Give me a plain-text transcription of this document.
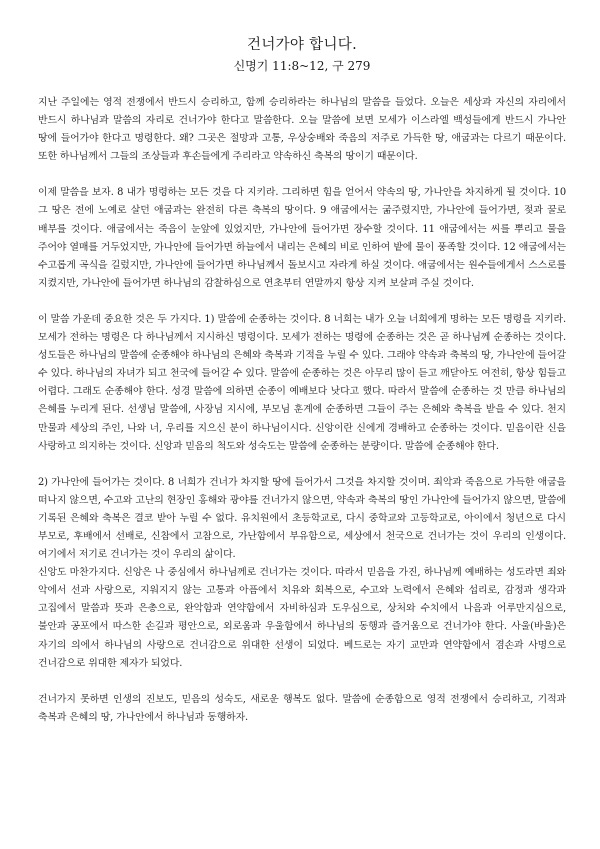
건너가야 합니다.
신명기 11:8~12, 구 279

지난 주일에는 영적 전쟁에서 반드시 승리하고, 함께 승리하라는 하나님의 말씀을 들었다. 오늘은 세상과 자신의 자리에서 반드시 하나님과 말씀의 자리로 건너가야 한다고 말씀한다. 오늘 말씀에 보면 모세가 이스라엘 백성들에게 반드시 가나안 땅에 들어가야 한다고 명령한다. 왜? 그곳은 절망과 고통, 우상숭배와 죽음의 저주로 가득한 땅, 애굽과는 다르기 때문이다. 또한 하나님께서 그들의 조상들과 후손들에게 주리라고 약속하신 축복의 땅이기 때문이다.

이제 말씀을 보자. 8 내가 명령하는 모든 것을 다 지키라. 그리하면 힘을 얻어서 약속의 땅, 가나안을 차지하게 될 것이다. 10 그 땅은 전에 노예로 살던 애굽과는 완전히 다른 축복의 땅이다. 9 애굽에서는 굶주렸지만, 가나안에 들어가면, 젖과 꿀로 배부를 것이다. 애굽에서는 죽음이 눈앞에 있었지만, 가나안에 들어가면 장수할 것이다. 11 애굽에서는 씨를 뿌리고 물을 주어야 열매를 거두었지만, 가나안에 들어가면 하늘에서 내리는 은혜의 비로 인하여 밭에 물이 풍족할 것이다. 12 애굽에서는 수고롭게 곡식을 길렀지만, 가나안에 들어가면 하나님께서 돌보시고 자라게 하실 것이다. 애굽에서는 원수들에게서 스스로를 지켰지만, 가나안에 들어가면 하나님의 감찰하심으로 연초부터 연말까지 항상 지켜 보살펴 주실 것이다.

이 말씀 가운데 중요한 것은 두 가지다. 1) 말씀에 순종하는 것이다. 8 너희는 내가 오늘 너희에게 명하는 모든 명령을 지키라. 모세가 전하는 명령은 다 하나님께서 지시하신 명령이다. 모세가 전하는 명령에 순종하는 것은 곧 하나님께 순종하는 것이다. 성도들은 하나님의 말씀에 순종해야 하나님의 은혜와 축복과 기적을 누릴 수 있다. 그래야 약속과 축복의 땅, 가나안에 들어갈 수 있다. 하나님의 자녀가 되고 천국에 들어갈 수 있다. 말씀에 순종하는 것은 아무리 많이 듣고 깨닫아도 여전히, 항상 힘들고 어렵다. 그래도 순종해야 한다. 성경 말씀에 의하면 순종이 예배보다 낫다고 했다. 따라서 말씀에 순종하는 것 만큼 하나님의 은혜를 누리게 된다. 선생님 말씀에, 사장님 지시에, 부모님 훈계에 순종하면 그들이 주는 은혜와 축복을 받을 수 있다. 천지 만물과 세상의 주인, 나와 너, 우리를 지으신 분이 하나님이시다. 신앙이란 신에게 경배하고 순종하는 것이다. 믿음이란 신을 사랑하고 의지하는 것이다. 신앙과 믿음의 척도와 성숙도는 말씀에 순종하는 분량이다. 말씀에 순종해야 한다.

2) 가나안에 들어가는 것이다. 8 너희가 건너가 차지할 땅에 들어가서 그것을 차지할 것이며. 죄악과 죽음으로 가득한 애굽을 떠나지 않으면, 수고와 고난의 현장인 홍해와 광야를 건너가지 않으면, 약속과 축복의 땅인 가나안에 들어가지 않으면, 말씀에 기록된 은혜와 축복은 결코 받아 누릴 수 없다. 유치원에서 초등학교로, 다시 중학교와 고등학교로, 아이에서 청년으로 다시 부모로, 후배에서 선배로, 신참에서 고참으로, 가난함에서 부유함으로, 세상에서 천국으로 건너가는 것이 우리의 인생이다. 여기에서 저기로 건너가는 것이 우리의 삶이다.

신앙도 마찬가지다. 신앙은 나 중심에서 하나님께로 건너가는 것이다. 따라서 믿음을 가진, 하나님께 예배하는 성도라면 죄와 악에서 선과 사랑으로, 지워지지 않는 고통과 아픔에서 치유와 회복으로, 수고와 노력에서 은혜와 섭리로, 감정과 생각과 고집에서 말씀과 뜻과 은총으로, 완악함과 연약함에서 자비하심과 도우심으로, 상처와 수치에서 나음과 어루만지심으로, 불안과 공포에서 따스한 손길과 평안으로, 외로움과 우울함에서 하나님의 동행과 즐거움으로 건너가야 한다. 사울(바울)은 자기의 의에서 하나님의 사랑으로 건너감으로 위대한 선생이 되었다. 베드로는 자기 교만과 연약함에서 겸손과 사명으로 건너감으로 위대한 제자가 되었다.

건너가지 못하면 인생의 진보도, 믿음의 성숙도, 새로운 행복도 없다. 말씀에 순종함으로 영적 전쟁에서 승리하고, 기적과 축복과 은혜의 땅, 가나안에서 하나님과 동행하자.
